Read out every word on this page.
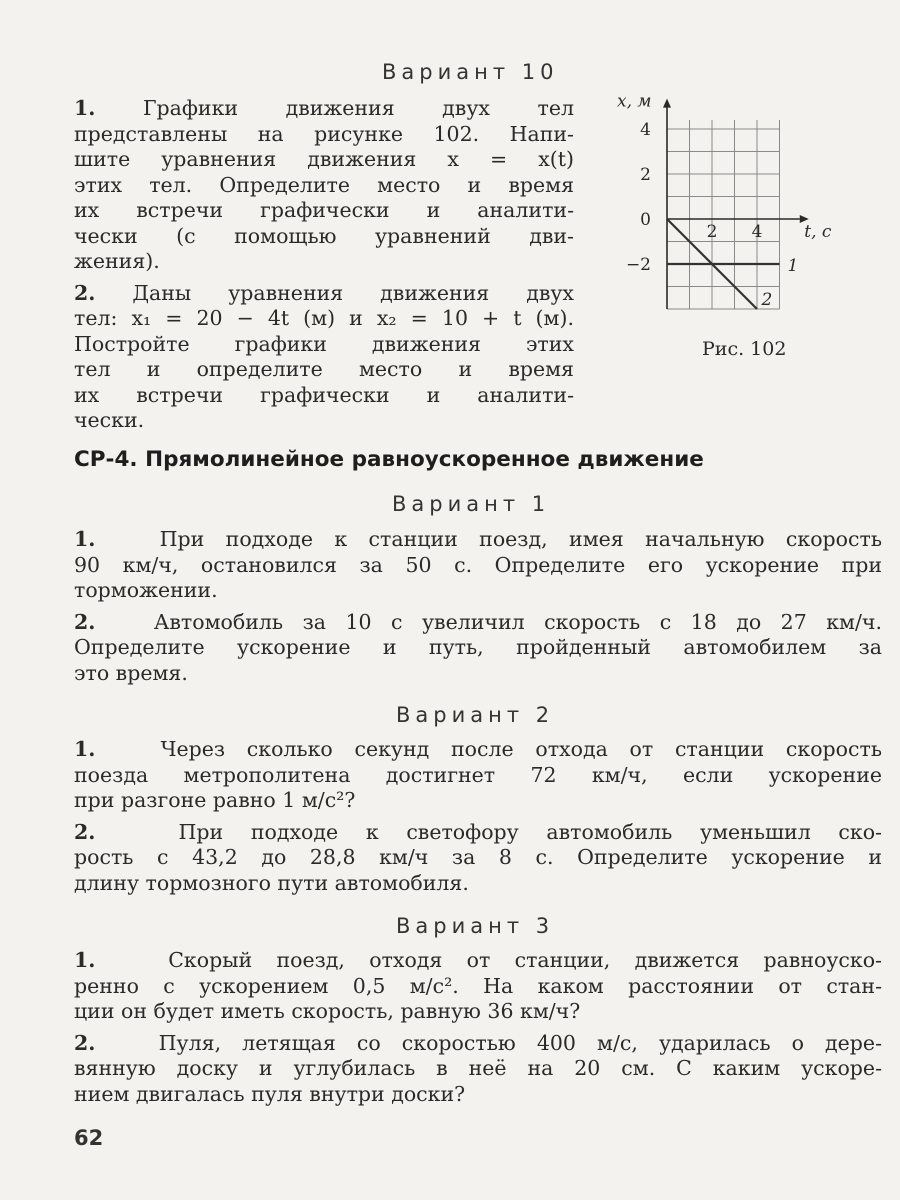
Вариант 10
1. Графики движения двух тел
представлены на рисунке 102. Напи-
шите уравнения движения x = x(t)
этих тел. Определите место и время
их встречи графически и аналити-
чески (с помощью уравнений дви-
жения).
2. Даны уравнения движения двух
тел: x₁ = 20 − 4t (м) и x₂ = 10 + t (м).
Постройте графики движения этих
тел и определите место и время
их встречи графически и аналити-
чески.
x, м
t, с
4
2
0
−2
2 4
1
2
Рис. 102
СР-4. Прямолинейное равноускоренное движение
Вариант 1
1.	При подходе к станции поезд, имея начальную скорость
90 км/ч, остановился за 50 с. Определите его ускорение при
торможении.
2.	Автомобиль за 10 с увеличил скорость с 18 до 27 км/ч.
Определите ускорение и путь, пройденный автомобилем за
это время.
Вариант 2
1.	Через сколько секунд после отхода от станции скорость
поезда метрополитена достигнет 72 км/ч, если ускорение
при разгоне равно 1 м/с²?
2.	При подходе к светофору автомобиль уменьшил ско-
рость с 43,2 до 28,8 км/ч за 8 с. Определите ускорение и
длину тормозного пути автомобиля.
Вариант 3
1.	Скорый поезд, отходя от станции, движется равноуско-
ренно с ускорением 0,5 м/с². На каком расстоянии от стан-
ции он будет иметь скорость, равную 36 км/ч?
2.	Пуля, летящая со скоростью 400 м/с, ударилась о дере-
вянную доску и углубилась в неё на 20 см. С каким ускоре-
нием двигалась пуля внутри доски?
62
